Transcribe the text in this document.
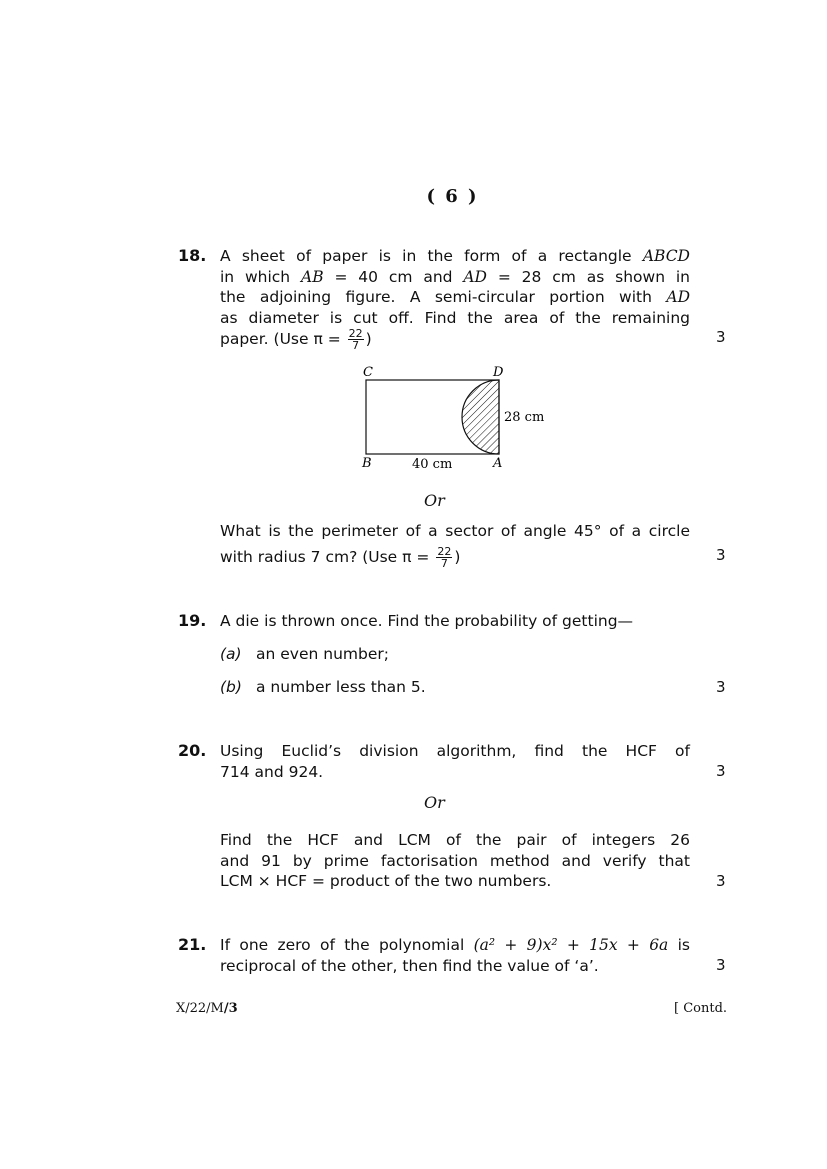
( 6 )
18. A sheet of paper is in the form of a rectangle ABCD
in which AB = 40 cm and AD = 28 cm as shown in
the adjoining figure. A semi-circular portion with AD
as diameter is cut off. Find the area of the remaining
paper. (Use $\pi = \frac{22}{7}$ )	3
C	D
B	A
28 cm
40 cm
Or
What is the perimeter of a sector of angle 45° of a circle
with radius 7 cm? (Use $\pi = \frac{22}{7}$ )	3
19. A die is thrown once. Find the probability of getting—
(a) an even number;
(b) a number less than 5.	3
20. Using Euclid’s division algorithm, find the HCF of
714 and 924.	3
Or
Find the HCF and LCM of the pair of integers 26
and 91 by prime factorisation method and verify that
LCM × HCF = product of the two numbers.	3
21. If one zero of the polynomial (a² + 9)x² + 15x + 6a is
reciprocal of the other, then find the value of ‘a’.	3
X/22/M/3	[ Contd.
